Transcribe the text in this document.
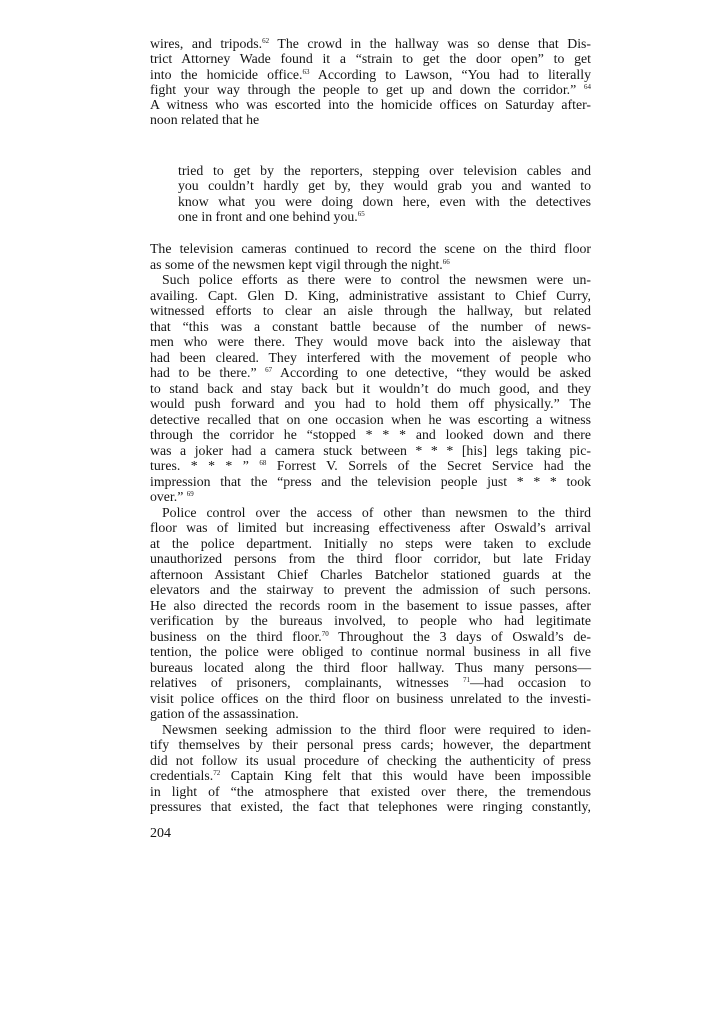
wires, and tripods.$^{62}$ The crowd in the hallway was so dense that Dis-
trict Attorney Wade found it a “strain to get the door open” to get
into the homicide office.$^{63}$ According to Lawson, “You had to literally
fight your way through the people to get up and down the corridor.” $^{64}$
A witness who was escorted into the homicide offices on Saturday after-
noon related that he
tried to get by the reporters, stepping over television cables and
you couldn’t hardly get by, they would grab you and wanted to
know what you were doing down here, even with the detectives
one in front and one behind you.$^{65}$
The television cameras continued to record the scene on the third floor
as some of the newsmen kept vigil through the night.$^{66}$
Such police efforts as there were to control the newsmen were un-
availing. Capt. Glen D. King, administrative assistant to Chief Curry,
witnessed efforts to clear an aisle through the hallway, but related
that “this was a constant battle because of the number of news-
men who were there. They would move back into the aisleway that
had been cleared. They interfered with the movement of people who
had to be there.” $^{67}$ According to one detective, “they would be asked
to stand back and stay back but it wouldn’t do much good, and they
would push forward and you had to hold them off physically.” The
detective recalled that on one occasion when he was escorting a witness
through the corridor he “stopped * * * and looked down and there
was a joker had a camera stuck between * * * [his] legs taking pic-
tures. * * * ” $^{68}$ Forrest V. Sorrels of the Secret Service had the
impression that the “press and the television people just * * * took
over.” $^{69}$
Police control over the access of other than newsmen to the third
floor was of limited but increasing effectiveness after Oswald’s arrival
at the police department. Initially no steps were taken to exclude
unauthorized persons from the third floor corridor, but late Friday
afternoon Assistant Chief Charles Batchelor stationed guards at the
elevators and the stairway to prevent the admission of such persons.
He also directed the records room in the basement to issue passes, after
verification by the bureaus involved, to people who had legitimate
business on the third floor.$^{70}$ Throughout the 3 days of Oswald’s de-
tention, the police were obliged to continue normal business in all five
bureaus located along the third floor hallway. Thus many persons—
relatives of prisoners, complainants, witnesses $^{71}$—had occasion to
visit police offices on the third floor on business unrelated to the investi-
gation of the assassination.
Newsmen seeking admission to the third floor were required to iden-
tify themselves by their personal press cards; however, the department
did not follow its usual procedure of checking the authenticity of press
credentials.$^{72}$ Captain King felt that this would have been impossible
in light of “the atmosphere that existed over there, the tremendous
pressures that existed, the fact that telephones were ringing constantly,
204
